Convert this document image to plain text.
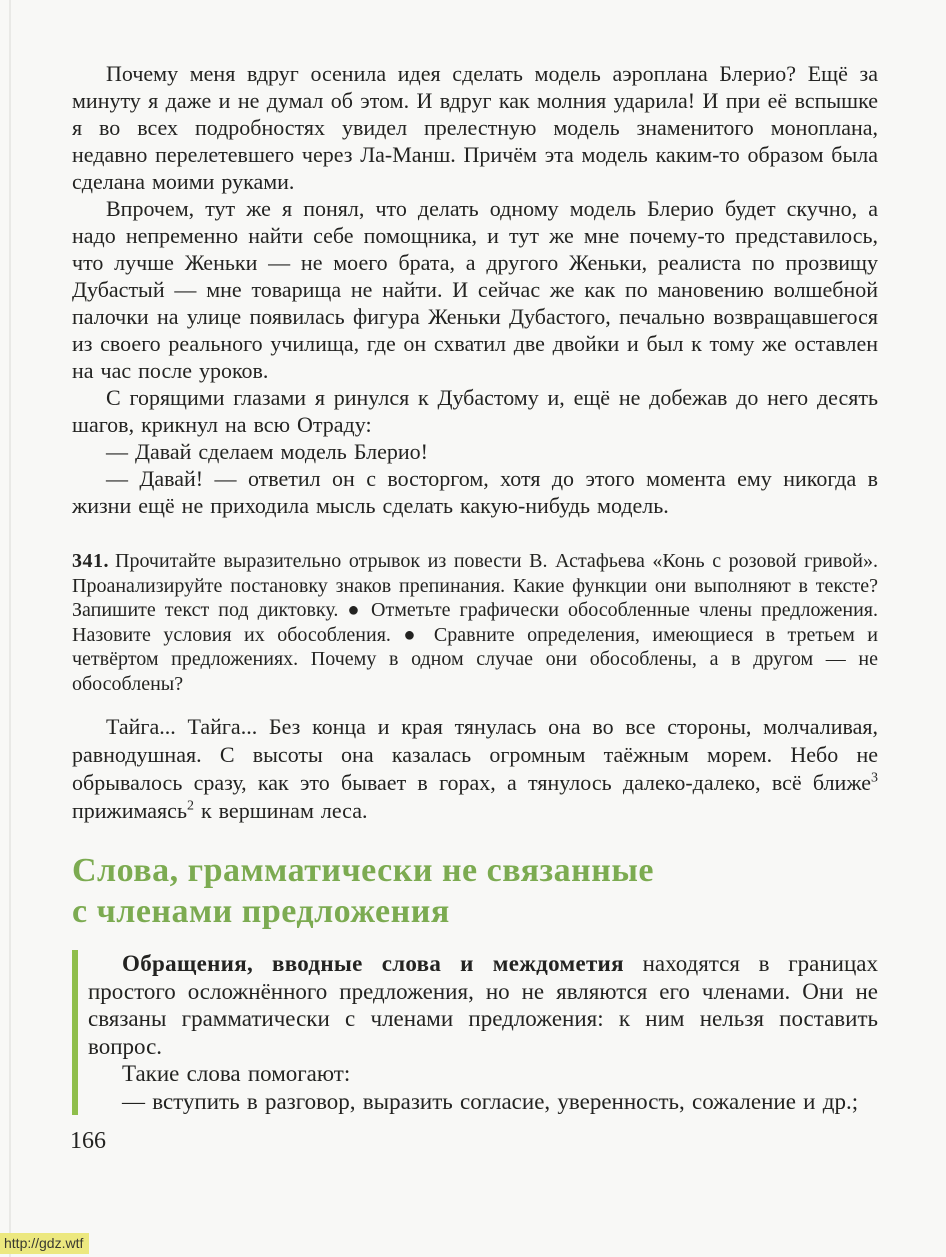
Почему меня вдруг осенила идея сделать модель аэроплана Блерио? Ещё за минуту я даже и не думал об этом. И вдруг как молния ударила! И при её вспышке я во всех подробностях увидел прелестную модель знаменитого моноплана, недавно перелетевшего через Ла-Манш. Причём эта модель каким-то образом была сделана моими руками.

Впрочем, тут же я понял, что делать одному модель Блерио будет скучно, а надо непременно найти себе помощника, и тут же мне почему-то представилось, что лучше Женьки — не моего брата, а другого Женьки, реалиста по прозвищу Дубастый — мне товарища не найти. И сейчас же как по мановению волшебной палочки на улице появилась фигура Женьки Дубастого, печально возвращавшегося из своего реального училища, где он схватил две двойки и был к тому же оставлен на час после уроков.

С горящими глазами я ринулся к Дубастому и, ещё не добежав до него десять шагов, крикнул на всю Отраду:

— Давай сделаем модель Блерио!

— Давай! — ответил он с восторгом, хотя до этого момента ему никогда в жизни ещё не приходила мысль сделать какую-нибудь модель.

341. Прочитайте выразительно отрывок из повести В. Астафьева «Конь с розовой гривой». Проанализируйте постановку знаков препинания. Какие функции они выполняют в тексте? Запишите текст под диктовку. ● Отметьте графически обособленные члены предложения. Назовите условия их обособления. ● Сравните определения, имеющиеся в третьем и четвёртом предложениях. Почему в одном случае они обособлены, а в другом — не обособлены?

Тайга... Тайга... Без конца и края тянулась она во все стороны, молчаливая, равнодушная. С высоты она казалась огромным таёжным морем. Небо не обрывалось сразу, как это бывает в горах, а тянулось далеко-далеко, всё ближе$^3$ прижимаясь$^2$ к вершинам леса.

Слова, грамматически не связанные
с членами предложения

Обращения, вводные слова и междометия находятся в границах простого осложнённого предложения, но не являются его членами. Они не связаны грамматически с членами предложения: к ним нельзя поставить вопрос.

Такие слова помогают:

— вступить в разговор, выразить согласие, уверенность, сожаление и др.;

166
http://gdz.wtf
